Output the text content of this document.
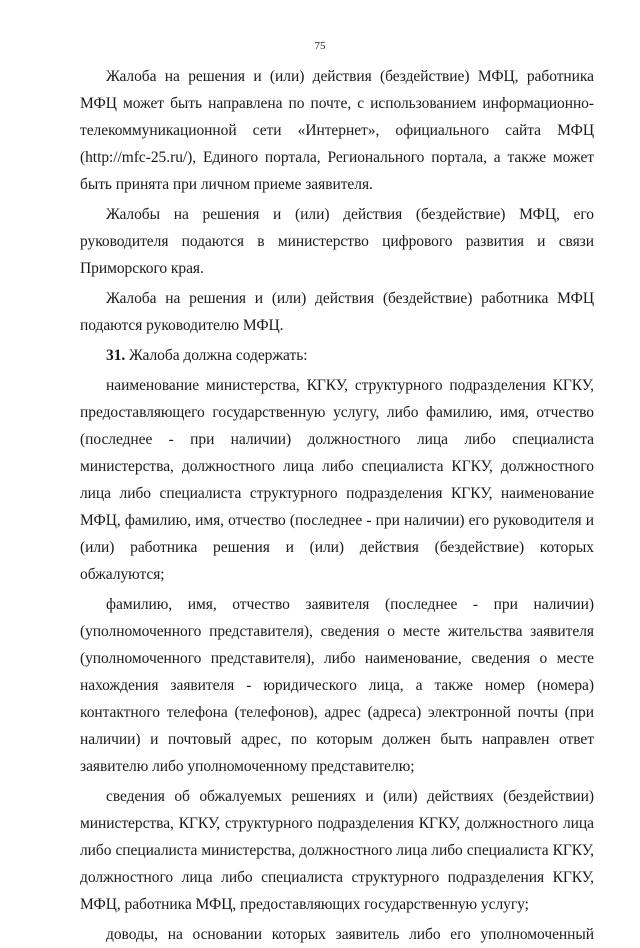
75

Жалоба на решения и (или) действия (бездействие) МФЦ, работника МФЦ может быть направлена по почте, с использованием информационно-телекоммуникационной сети «Интернет», официального сайта МФЦ (http://mfc-25.ru/), Единого портала, Регионального портала, а также может быть принята при личном приеме заявителя.

Жалобы на решения и (или) действия (бездействие) МФЦ, его руководителя подаются в министерство цифрового развития и связи Приморского края.

Жалоба на решения и (или) действия (бездействие) работника МФЦ подаются руководителю МФЦ.

31. Жалоба должна содержать:

наименование министерства, КГКУ, структурного подразделения КГКУ, предоставляющего государственную услугу, либо фамилию, имя, отчество (последнее - при наличии) должностного лица либо специалиста министерства, должностного лица либо специалиста КГКУ, должностного лица либо специалиста структурного подразделения КГКУ, наименование МФЦ, фамилию, имя, отчество (последнее - при наличии) его руководителя и (или) работника решения и (или) действия (бездействие) которых обжалуются;

фамилию, имя, отчество заявителя (последнее - при наличии) (уполномоченного представителя), сведения о месте жительства заявителя (уполномоченного представителя), либо наименование, сведения о месте нахождения заявителя - юридического лица, а также номер (номера) контактного телефона (телефонов), адрес (адреса) электронной почты (при наличии) и почтовый адрес, по которым должен быть направлен ответ заявителю либо уполномоченному представителю;

сведения об обжалуемых решениях и (или) действиях (бездействии) министерства, КГКУ, структурного подразделения КГКУ, должностного лица либо специалиста министерства, должностного лица либо специалиста КГКУ, должностного лица либо специалиста структурного подразделения КГКУ, МФЦ, работника МФЦ, предоставляющих государственную услугу;

доводы, на основании которых заявитель либо его уполномоченный
